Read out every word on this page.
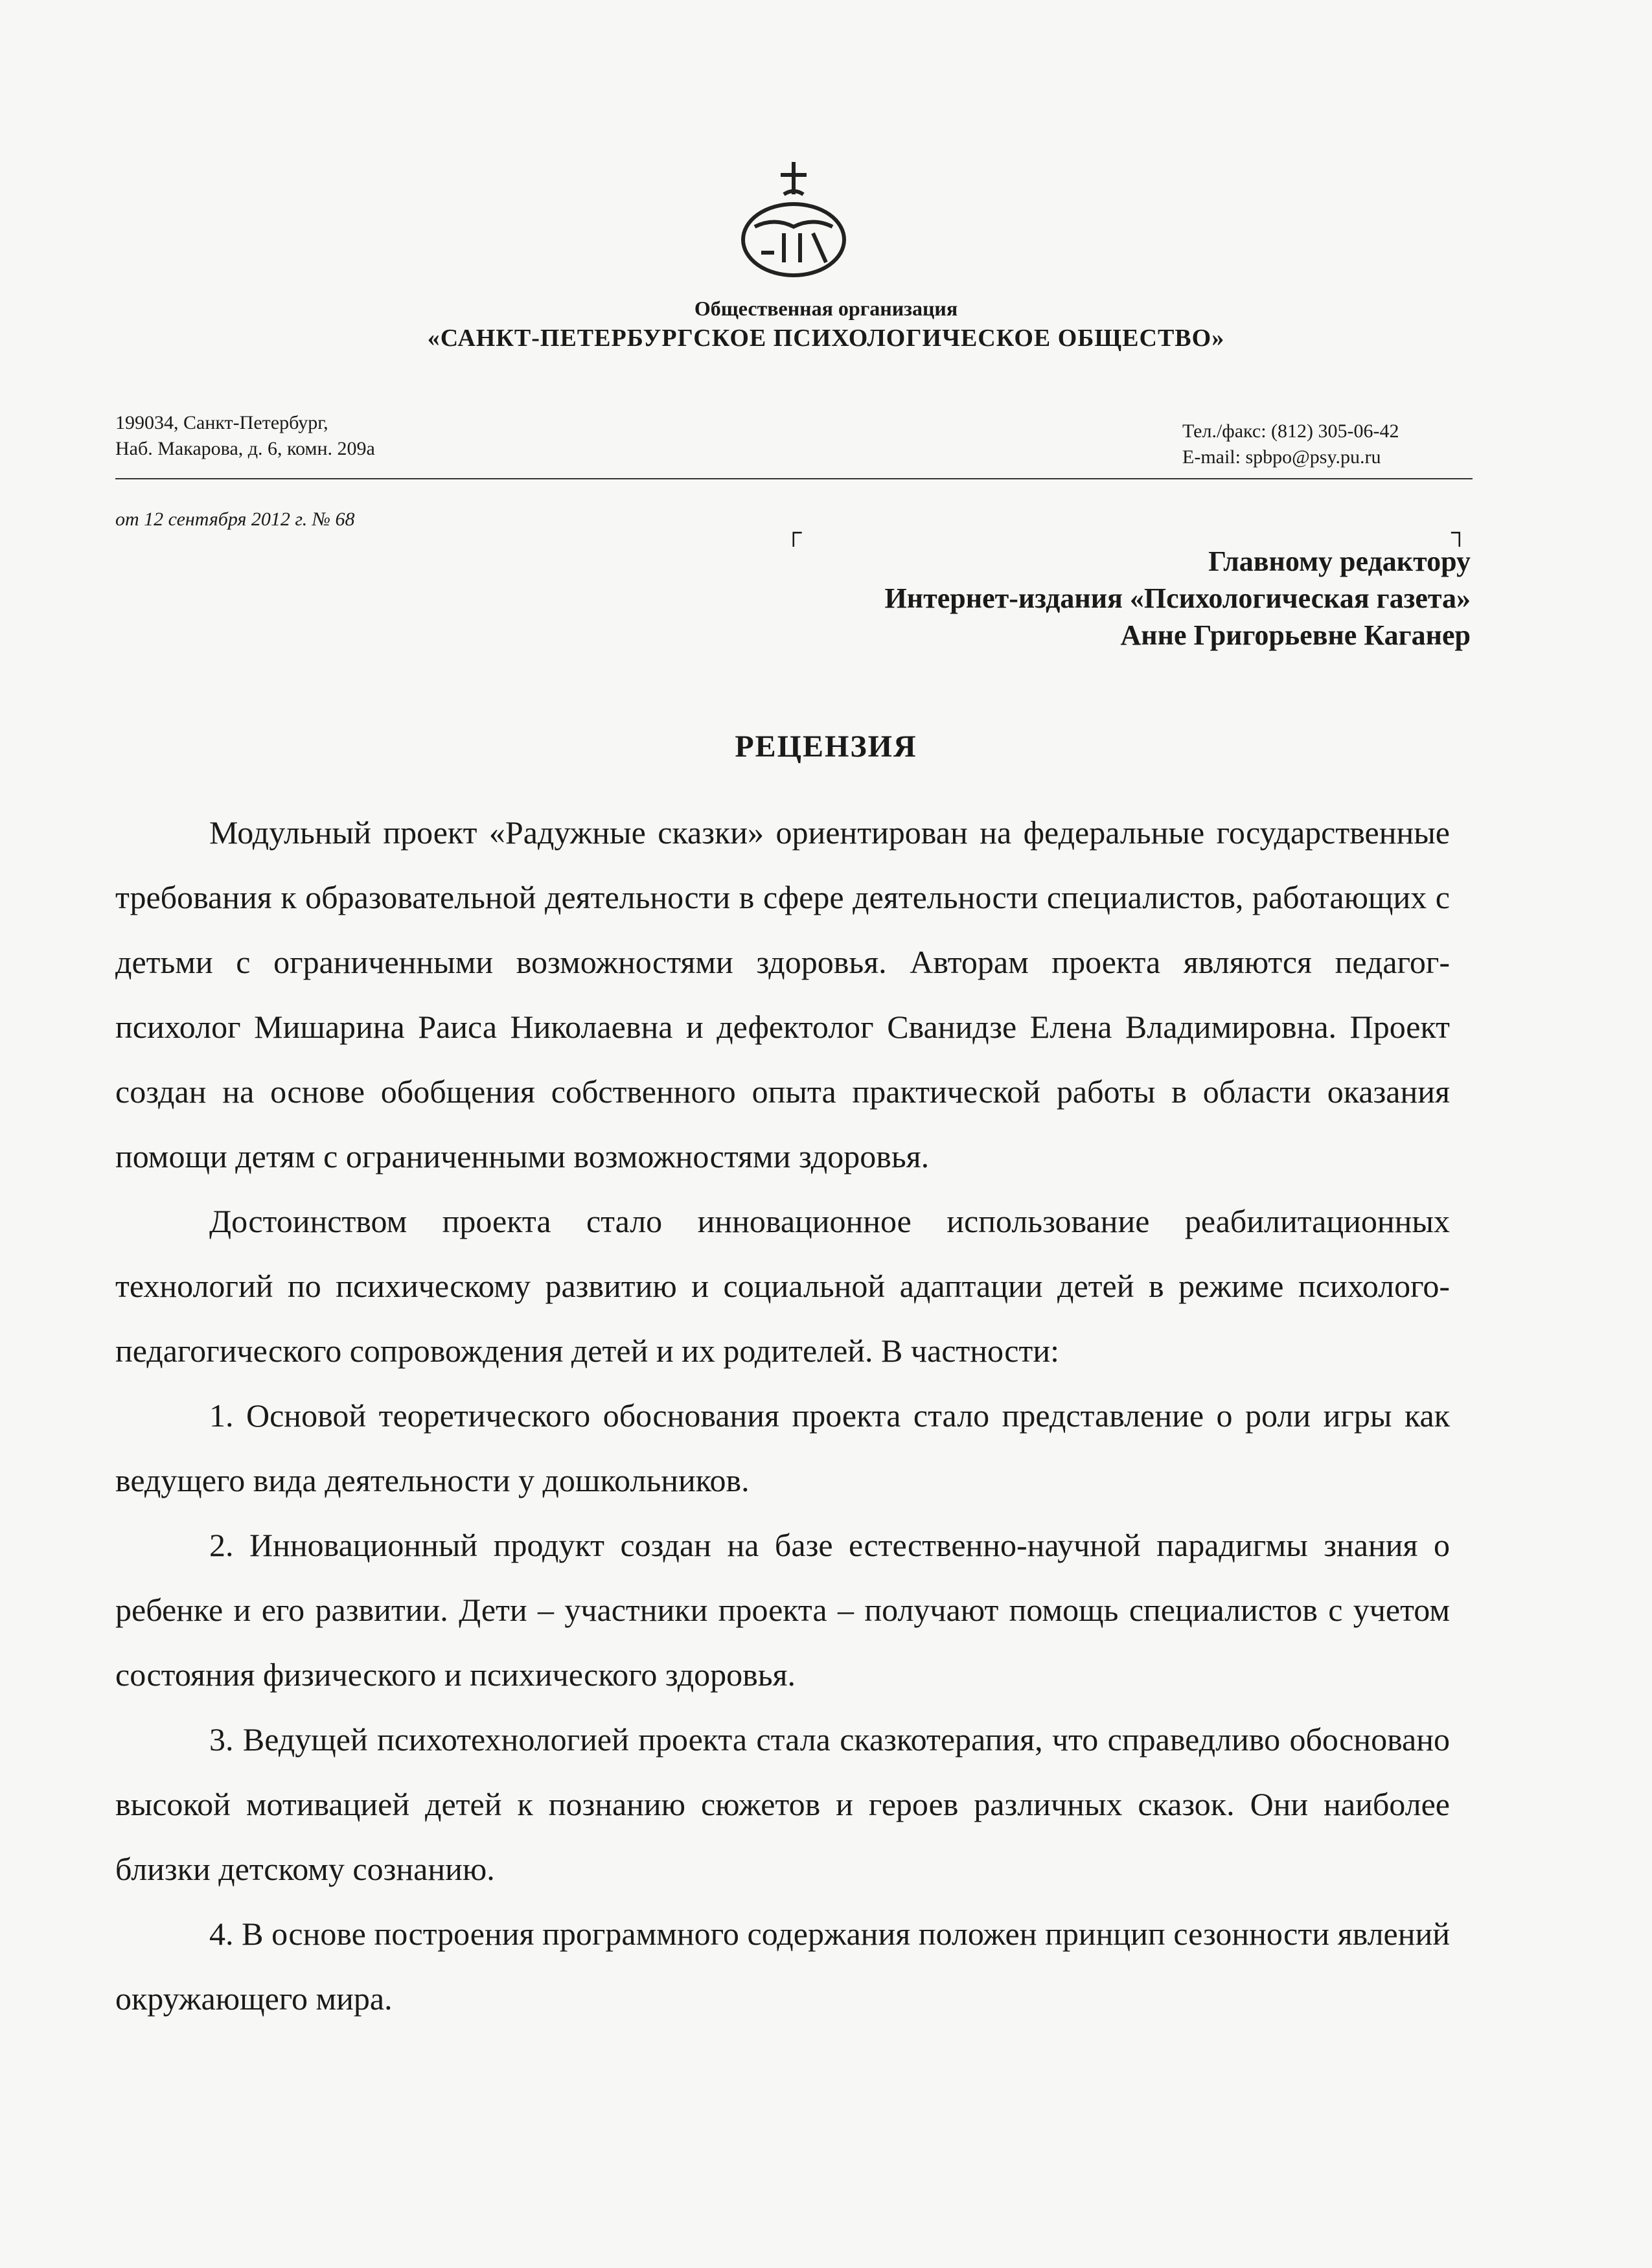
Общественная организация
«САНКТ-ПЕТЕРБУРГСКОЕ ПСИХОЛОГИЧЕСКОЕ ОБЩЕСТВО»
199034, Санкт-Петербург,
Наб. Макарова, д. 6, комн. 209а
Тел./факс: (812) 305-06-42
E-mail: spbpo@psy.pu.ru
от 12 сентября 2012 г. № 68	┌	┐
Главному редактору
Интернет-издания «Психологическая газета»
Анне Григорьевне Каганер
РЕЦЕНЗИЯ

Модульный проект «Радужные сказки» ориентирован на федеральные государственные требования к образовательной деятельности в сфере деятельности специалистов, работающих с детьми с ограниченными возможностями здоровья. Авторам проекта являются педагог-психолог Мишарина Раиса Николаевна и дефектолог Сванидзе Елена Владимировна. Проект создан на основе обобщения собственного опыта практической работы в области оказания помощи детям с ограниченными возможностями здоровья.

Достоинством проекта стало инновационное использование реабилитационных технологий по психическому развитию и социальной адаптации детей в режиме психолого-педагогического сопровождения детей и их родителей. В частности:

1. Основой теоретического обоснования проекта стало представление о роли игры как ведущего вида деятельности у дошкольников.

2. Инновационный продукт создан на базе естественно-научной парадигмы знания о ребенке и его развитии. Дети – участники проекта – получают помощь специалистов с учетом состояния физического и психического здоровья.

3. Ведущей психотехнологией проекта стала сказкотерапия, что справедливо обосновано высокой мотивацией детей к познанию сюжетов и героев различных сказок. Они наиболее близки детскому сознанию.

4. В основе построения программного содержания положен принцип сезонности явлений окружающего мира.
